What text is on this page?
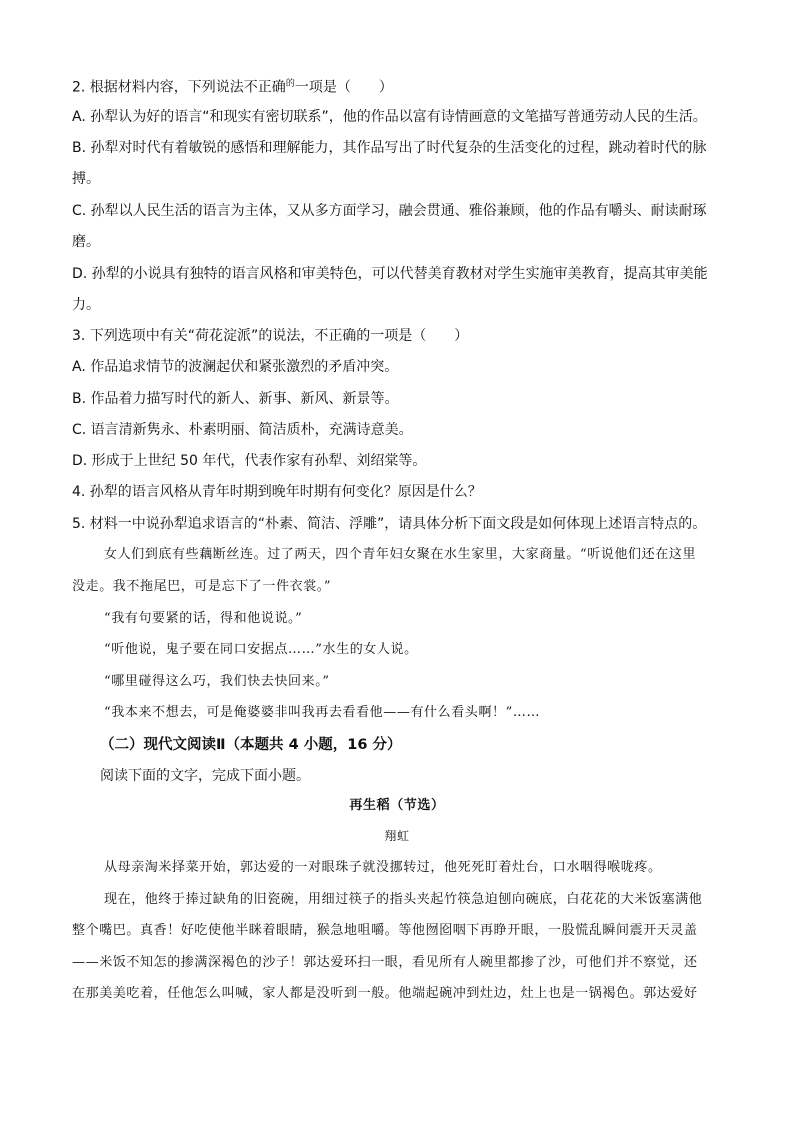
2. 根据材料内容，下列说法不正确$^的$一项是（　　）
A. 孙犁认为好的语言“和现实有密切联系”，他的作品以富有诗情画意的文笔描写普通劳动人民的生活。
B. 孙犁对时代有着敏锐的感悟和理解能力，其作品写出了时代复杂的生活变化的过程，跳动着时代的脉
搏。
C. 孙犁以人民生活的语言为主体，又从多方面学习，融会贯通、雅俗兼顾，他的作品有嚼头、耐读耐琢
磨。
D. 孙犁的小说具有独特的语言风格和审美特色，可以代替美育教材对学生实施审美教育，提高其审美能
力。
3. 下列选项中有关“荷花淀派”的说法，不正确的一项是（　　）
A. 作品追求情节的波澜起伏和紧张激烈的矛盾冲突。
B. 作品着力描写时代的新人、新事、新风、新景等。
C. 语言清新隽永、朴素明丽、简洁质朴，充满诗意美。
D. 形成于上世纪 50 年代，代表作家有孙犁、刘绍棠等。
4. 孙犁的语言风格从青年时期到晚年时期有何变化？原因是什么？
5. 材料一中说孙犁追求语言的“朴素、简洁、浮雕”，请具体分析下面文段是如何体现上述语言特点的。
女人们到底有些藕断丝连。过了两天，四个青年妇女聚在水生家里，大家商量。“听说他们还在这里
没走。我不拖尾巴，可是忘下了一件衣裳。”
“我有句要紧的话，得和他说说。”
“听他说，鬼子要在同口安据点……”水生的女人说。
“哪里碰得这么巧，我们快去快回来。”
“我本来不想去，可是俺婆婆非叫我再去看看他——有什么看头啊！”……
（二）现代文阅读Ⅱ（本题共 4 小题，16 分）
阅读下面的文字，完成下面小题。
再生稻（节选）
翔虹
从母亲淘米择菜开始，郭达爱的一对眼珠子就没挪转过，他死死盯着灶台，口水咽得喉咙疼。
现在，他终于捧过缺角的旧瓷碗，用细过筷子的指头夹起竹筷急迫刨向碗底，白花花的大米饭塞满他
整个嘴巴。真香！好吃使他半眯着眼睛，猴急地咀嚼。等他囫囵咽下再睁开眼，一股慌乱瞬间震开天灵盖
——米饭不知怎的掺满深褐色的沙子！郭达爱环扫一眼，看见所有人碗里都掺了沙，可他们并不察觉，还
在那美美吃着，任他怎么叫喊，家人都是没听到一般。他端起碗冲到灶边，灶上也是一锅褐色。郭达爱好
